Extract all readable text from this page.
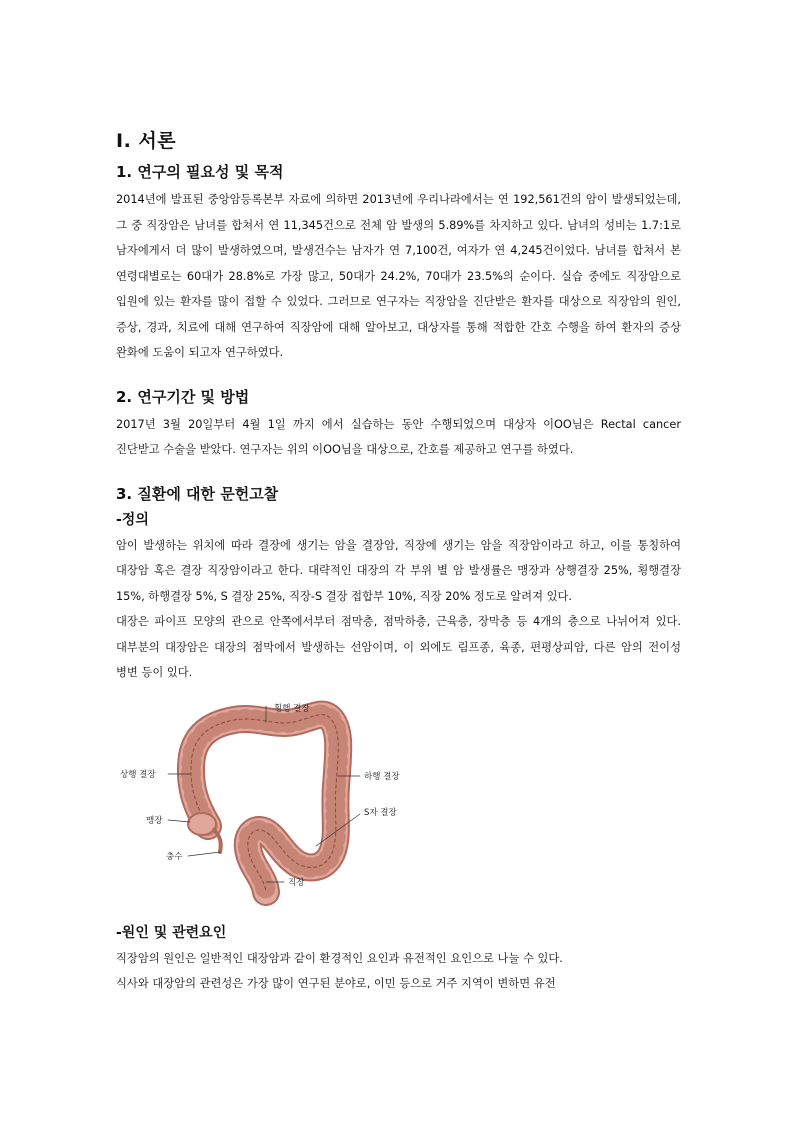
Ⅰ. 서론
1. 연구의 필요성 및 목적

2014년에 발표된 중앙암등록본부 자료에 의하면 2013년에 우리나라에서는 연 192,561건의 암이 발생되었는데, 그 중 직장암은 남녀를 합쳐서 연 11,345건으로 전체 암 발생의 5.89%를 차지하고 있다. 남녀의 성비는 1.7:1로 남자에게서 더 많이 발생하였으며, 발생건수는 남자가 연 7,100건, 여자가 연 4,245건이었다. 남녀를 합쳐서 본 연령대별로는 60대가 28.8%로 가장 많고, 50대가 24.2%, 70대가 23.5%의 순이다. 실습 중에도 직장암으로 입원에 있는 환자를 많이 접할 수 있었다. 그러므로 연구자는 직장암을 진단받은 환자를 대상으로 직장암의 원인, 증상, 경과, 치료에 대해 연구하여 직장암에 대해 알아보고, 대상자를 통해 적합한 간호 수행을 하여 환자의 증상 완화에 도움이 되고자 연구하였다.

2. 연구기간 및 방법

2017년 3월 20일부터 4월 1일 까지 에서 실습하는 동안 수행되었으며 대상자 이OO님은 Rectal cancer 진단받고 수술을 받았다. 연구자는 위의 이OO님을 대상으로, 간호를 제공하고 연구를 하였다.

3. 질환에 대한 문헌고찰
-정의

암이 발생하는 위치에 따라 결장에 생기는 암을 결장암, 직장에 생기는 암을 직장암이라고 하고, 이를 통칭하여 대장암 혹은 결장 직장암이라고 한다. 대략적인 대장의 각 부위 별 암 발생률은 맹장과 상행결장 25%, 횡행결장 15%, 하행결장 5%, S 결장 25%, 직장-S 결장 접합부 10%, 직장 20% 정도로 알려져 있다.

대장은 파이프 모양의 관으로 안쪽에서부터 점막층, 점막하층, 근육층, 장막층 등 4개의 층으로 나뉘어져 있다. 대부분의 대장암은 대장의 점막에서 발생하는 선암이며, 이 외에도 림프종, 육종, 편평상피암, 다른 암의 전이성 병변 등이 있다.

횡행 결장
상행 결장	하행 결장
S자 결장
맹장
충수
직장
-원인 및 관련요인

직장암의 원인은 일반적인 대장암과 같이 환경적인 요인과 유전적인 요인으로 나눌 수 있다.

식사와 대장암의 관련성은 가장 많이 연구된 분야로, 이민 등으로 거주 지역이 변하면 유전
